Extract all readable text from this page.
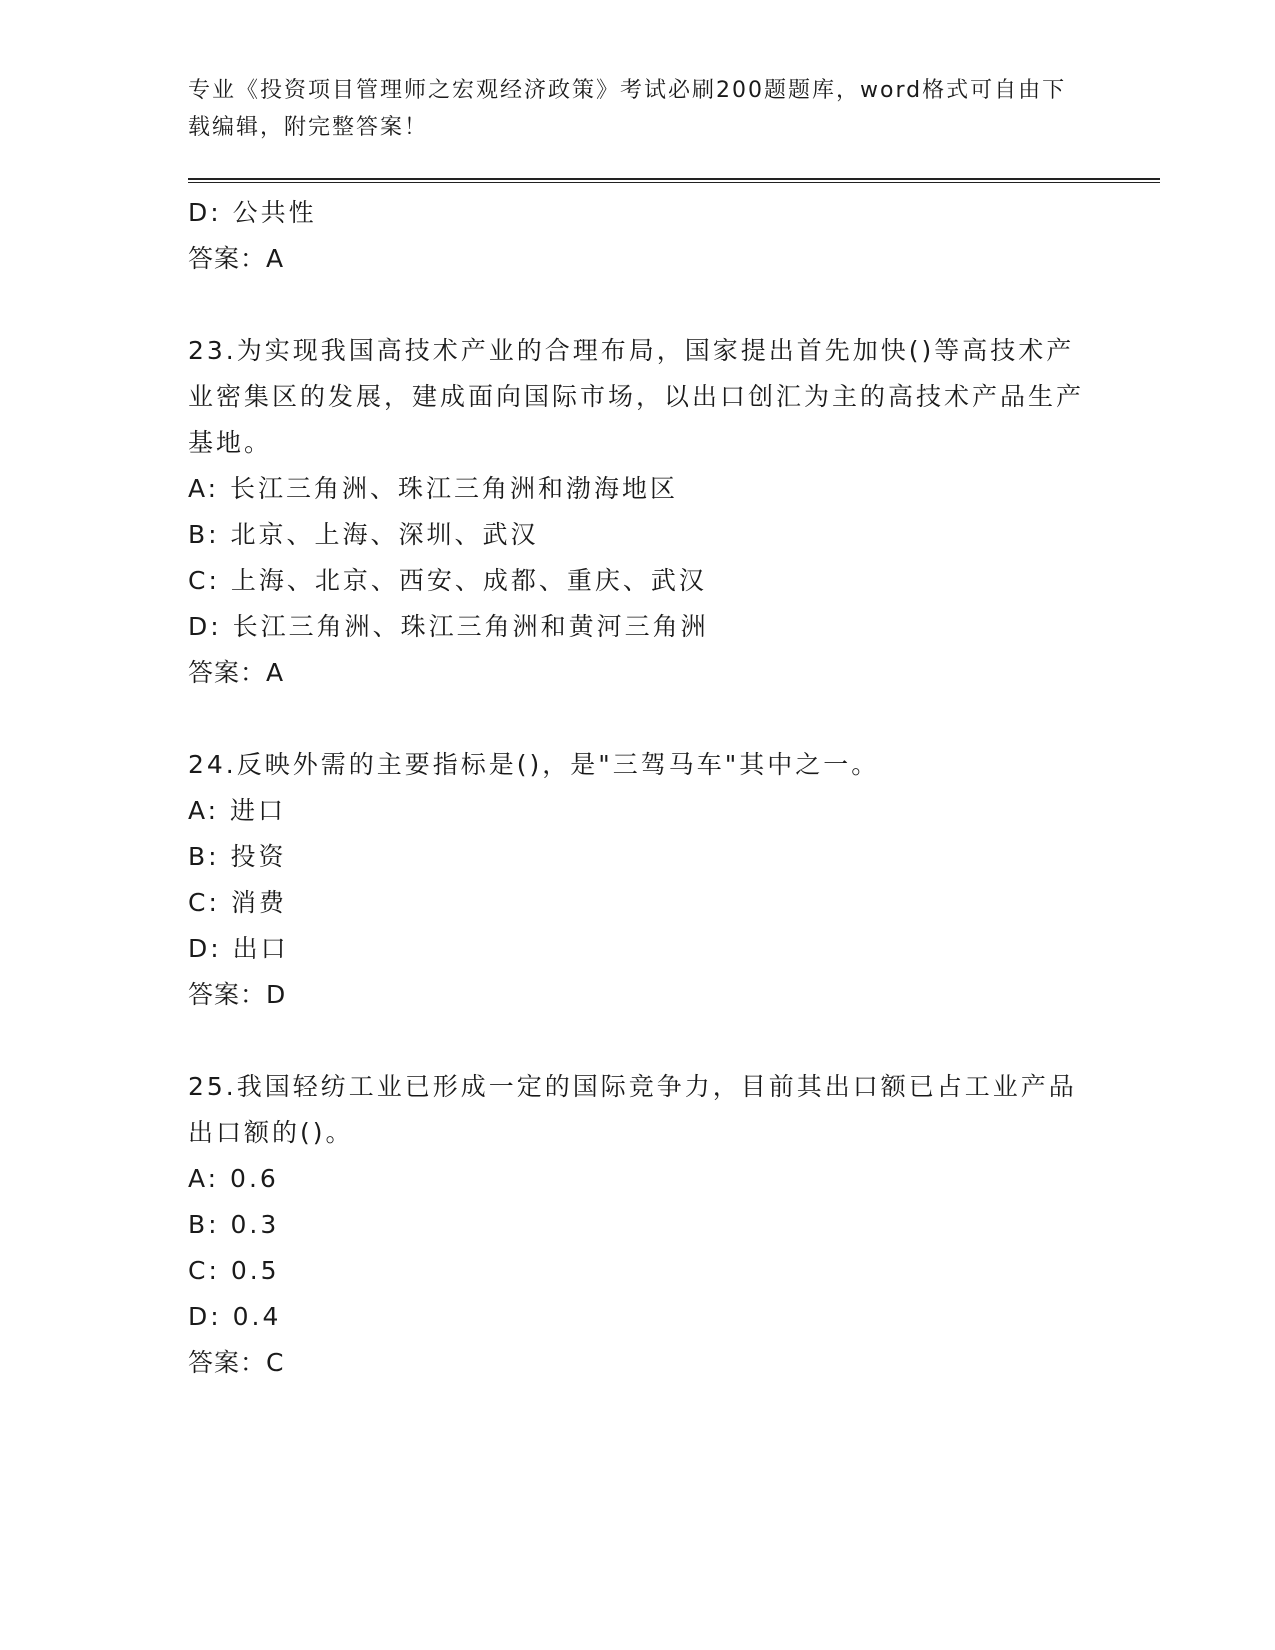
专业《投资项目管理师之宏观经济政策》考试必刷200题题库，word格式可自由下载编辑，附完整答案！
D: 公共性
答案：A
23.为实现我国高技术产业的合理布局，国家提出首先加快()等高技术产业密集区的发展，建成面向国际市场，以出口创汇为主的高技术产品生产基地。
A: 长江三角洲、珠江三角洲和渤海地区
B: 北京、上海、深圳、武汉
C: 上海、北京、西安、成都、重庆、武汉
D: 长江三角洲、珠江三角洲和黄河三角洲
答案：A
24.反映外需的主要指标是()，是"三驾马车"其中之一。
A: 进口
B: 投资
C: 消费
D: 出口
答案：D
25.我国轻纺工业已形成一定的国际竞争力，目前其出口额已占工业产品出口额的()。
A: 0.6
B: 0.3
C: 0.5
D: 0.4
答案：C
